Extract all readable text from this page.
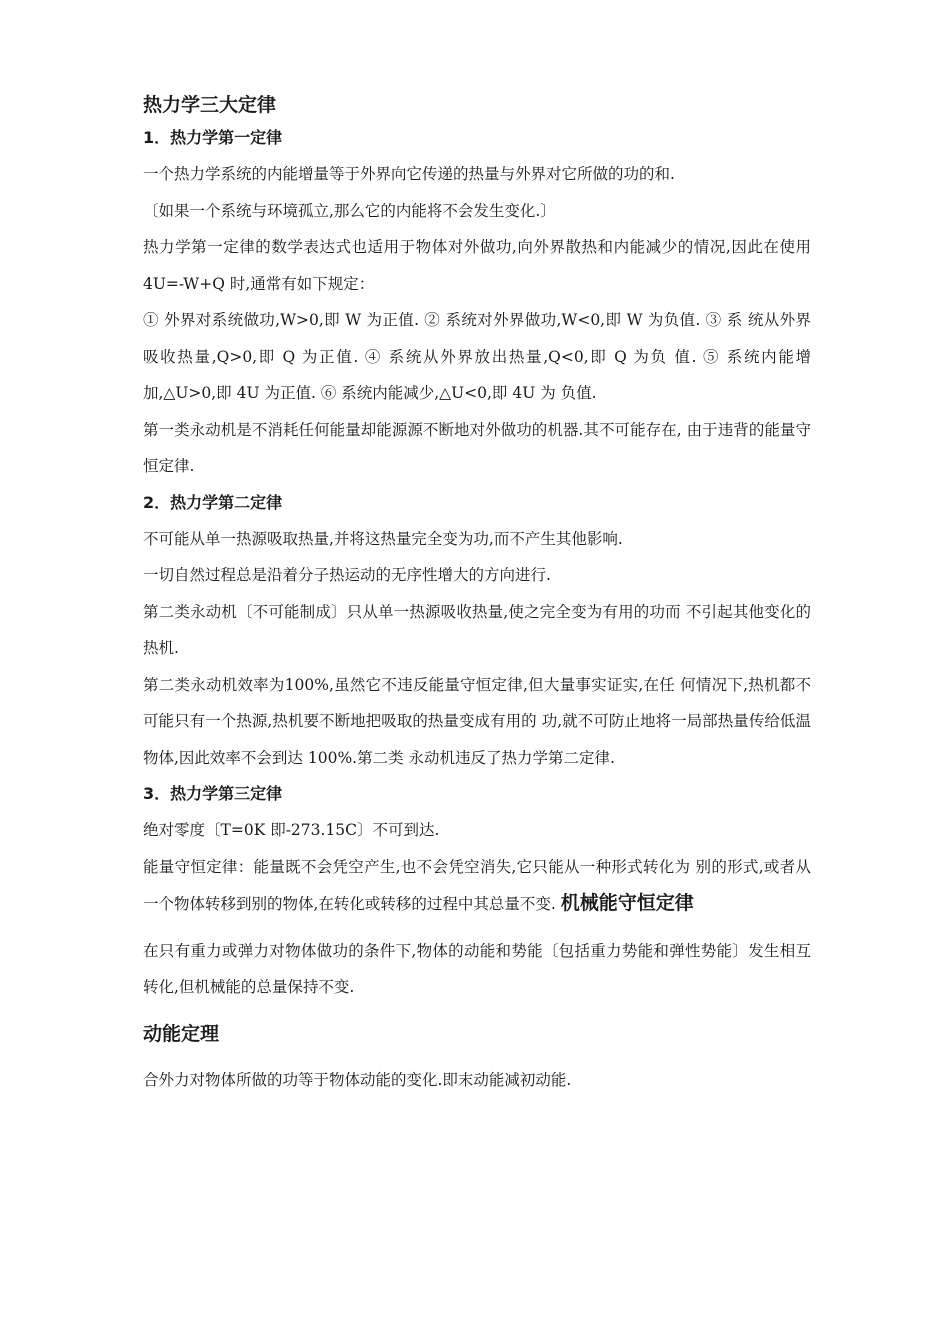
热力学三大定律
1．热力学第一定律

一个热力学系统的内能增量等于外界向它传递的热量与外界对它所做的功的和.

〔如果一个系统与环境孤立,那么它的内能将不会发生变化.〕

热力学第一定律的数学表达式也适用于物体对外做功,向外界散热和内能减少的情况,因此在使用 4U=-W+Q 时,通常有如下规定：

① 外界对系统做功,W>0,即 W 为正值. ② 系统对外界做功,W<0,即 W 为负值. ③ 系 统从外界吸收热量,Q>0,即 Q 为正值. ④ 系统从外界放出热量,Q<0,即 Q 为负 值. ⑤ 系统内能增加,△U>0,即 4U 为正值. ⑥ 系统内能减少,△U<0,即 4U 为 负值.

第一类永动机是不消耗任何能量却能源源不断地对外做功的机器.其不可能存在, 由于违背的能量守恒定律.

2．热力学第二定律

不可能从单一热源吸取热量,并将这热量完全变为功,而不产生其他影响.

一切自然过程总是沿着分子热运动的无序性增大的方向进行.

第二类永动机〔不可能制成〕只从单一热源吸收热量,使之完全变为有用的功而 不引起其他变化的热机.

第二类永动机效率为100%,虽然它不违反能量守恒定律,但大量事实证实,在任 何情况下,热机都不可能只有一个热源,热机要不断地把吸取的热量变成有用的 功,就不可防止地将一局部热量传给低温物体,因此效率不会到达 100%.第二类 永动机违反了热力学第二定律.

3．热力学第三定律

绝对零度〔T=0K 即-273.15C〕不可到达.

能量守恒定律：能量既不会凭空产生,也不会凭空消失,它只能从一种形式转化为 别的形式,或者从一个物体转移到别的物体,在转化或转移的过程中其总量不变. 机械能守恒定律

在只有重力或弹力对物体做功的条件下,物体的动能和势能〔包括重力势能和弹性势能〕发生相互转化,但机械能的总量保持不变.

动能定理

合外力对物体所做的功等于物体动能的变化.即末动能减初动能.
